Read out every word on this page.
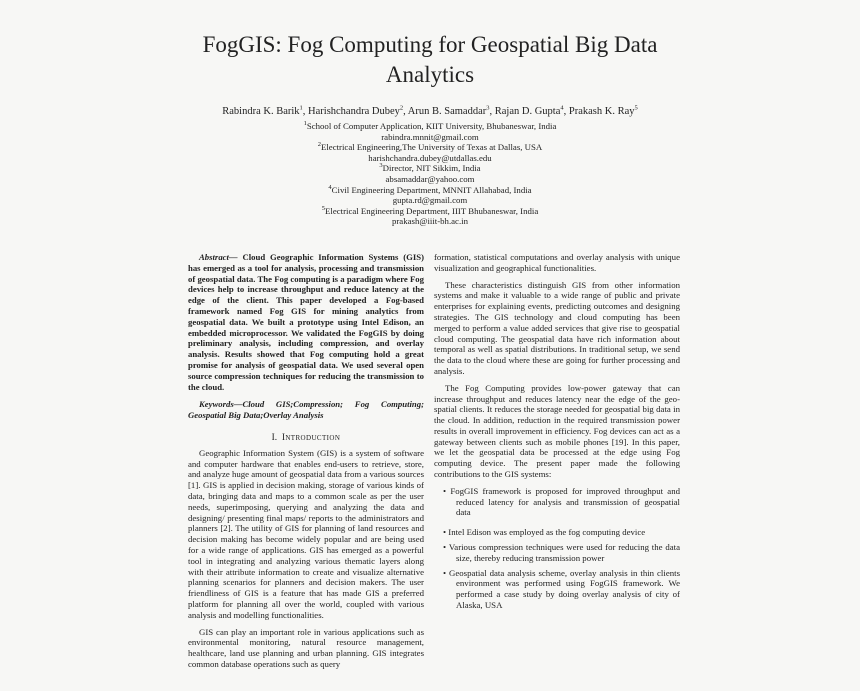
FogGIS: Fog Computing for Geospatial Big Data
Analytics
Rabindra K. Barik$^1$, Harishchandra Dubey$^2$, Arun B. Samaddar$^3$, Rajan D. Gupta$^4$, Prakash K. Ray$^5$
$^1$School of Computer Application, KIIT University, Bhubaneswar, India
rabindra.mnnit@gmail.com
$^2$Electrical Engineering,The University of Texas at Dallas, USA
harishchandra.dubey@utdallas.edu
$^3$Director, NIT Sikkim, India
absamaddar@yahoo.com
$^4$Civil Engineering Department, MNNIT Allahabad, India
gupta.rd@gmail.com
$^5$Electrical Engineering Department, IIIT Bhubaneswar, India
prakash@iiit-bh.ac.in

Abstract— Cloud Geographic Information Systems (GIS) has emerged as a tool for analysis, processing and transmission of geospatial data. The Fog computing is a paradigm where Fog devices help to increase throughput and reduce latency at the edge of the client. This paper developed a Fog-based framework named Fog GIS for mining analytics from geospatial data. We built a prototype using Intel Edison, an embedded microprocessor. We validated the FogGIS by doing preliminary analysis, including compression, and overlay analysis. Results showed that Fog computing hold a great promise for analysis of geospatial data. We used several open source compression techniques for reducing the transmission to the cloud.

Keywords—Cloud GIS;Compression; Fog Computing; Geospatial Big Data;Overlay Analysis

I. Introduction

Geographic Information System (GIS) is a system of software and computer hardware that enables end-users to retrieve, store, and analyze huge amount of geospatial data from a various sources [1]. GIS is applied in decision making, storage of various kinds of data, bringing data and maps to a common scale as per the user needs, superimposing, querying and analyzing the data and designing/ presenting final maps/ reports to the administrators and planners [2]. The utility of GIS for planning of land resources and decision making has become widely popular and are being used for a wide range of applications. GIS has emerged as a powerful tool in integrating and analyzing various thematic layers along with their attribute information to create and visualize alternative planning scenarios for planners and decision makers. The user friendliness of GIS is a feature that has made GIS a preferred platform for planning all over the world, coupled with various analysis and modelling functionalities.

GIS can play an important role in various applications such as environmental monitoring, natural resource management, healthcare, land use planning and urban planning. GIS integrates common database operations such as query

formation, statistical computations and overlay analysis with unique visualization and geographical functionalities.

These characteristics distinguish GIS from other information systems and make it valuable to a wide range of public and private enterprises for explaining events, predicting outcomes and designing strategies. The GIS technology and cloud computing has been merged to perform a value added services that give rise to geospatial cloud computing. The geospatial data have rich information about temporal as well as spatial distributions. In traditional setup, we send the data to the cloud where these are going for further processing and analysis.

The Fog Computing provides low-power gateway that can increase throughput and reduces latency near the edge of the geo-spatial clients. It reduces the storage needed for geospatial big data in the cloud. In addition, reduction in the required transmission power results in overall improvement in efficiency. Fog devices can act as a gateway between clients such as mobile phones [19]. In this paper, we let the geospatial data be processed at the edge using Fog computing device. The present paper made the following contributions to the GIS systems:

• FogGIS framework is proposed for improved throughput and reduced latency for analysis and transmission of geospatial data
• Intel Edison was employed as the fog computing device
• Various compression techniques were used for reducing the data size, thereby reducing transmission power
• Geospatial data analysis scheme, overlay analysis in thin clients environment was performed using FogGIS framework. We performed a case study by doing overlay analysis of city of Alaska, USA
